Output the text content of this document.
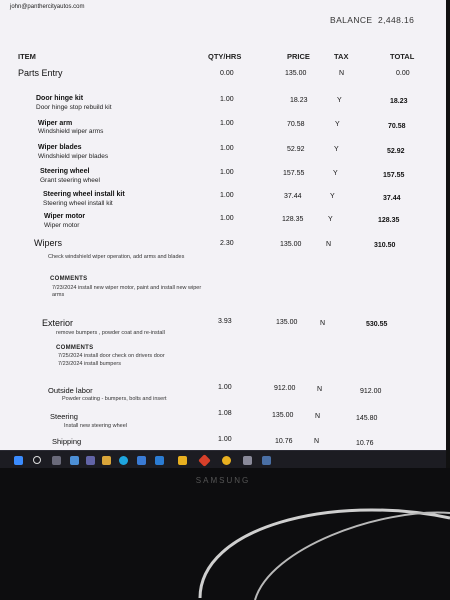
john@panthercityautos.com
BALANCE 2,448.16
ITEM	QTY/HRS	PRICE	TAX	TOTAL
Parts Entry	0.00	135.00	N	0.00
Door hinge kit
Door hinge stop rebuild kit
1.00	18.23	Y	18.23
Wiper arm
Windshield wiper arms
1.00	70.58	Y	70.58
Wiper blades
Windshield wiper blades
1.00	52.92	Y	52.92
Steering wheel
Grant steering wheel
1.00	157.55	Y	157.55
Steering wheel install kit
Steering wheel install kit
1.00	37.44	Y	37.44
Wiper motor
Wiper motor
1.00	128.35	Y	128.35
Wipers	2.30	135.00	N	310.50
Check windshield wiper operation, add arms and blades
COMMENTS
7/23/2024 install new wiper motor, paint and install new wiper arms
Exterior	3.93	135.00	N	530.55
remove bumpers , powder coat and re-install
COMMENTS
7/25/2024 install door check on drivers door
7/23/2024 install bumpers
Outside labor	1.00	912.00	N	912.00
Powder coating - bumpers, bolts and insert
Steering	1.08	135.00	N	145.80
Install new steering wheel
Shipping	1.00	10.76	N	10.76
SAMSUNG
